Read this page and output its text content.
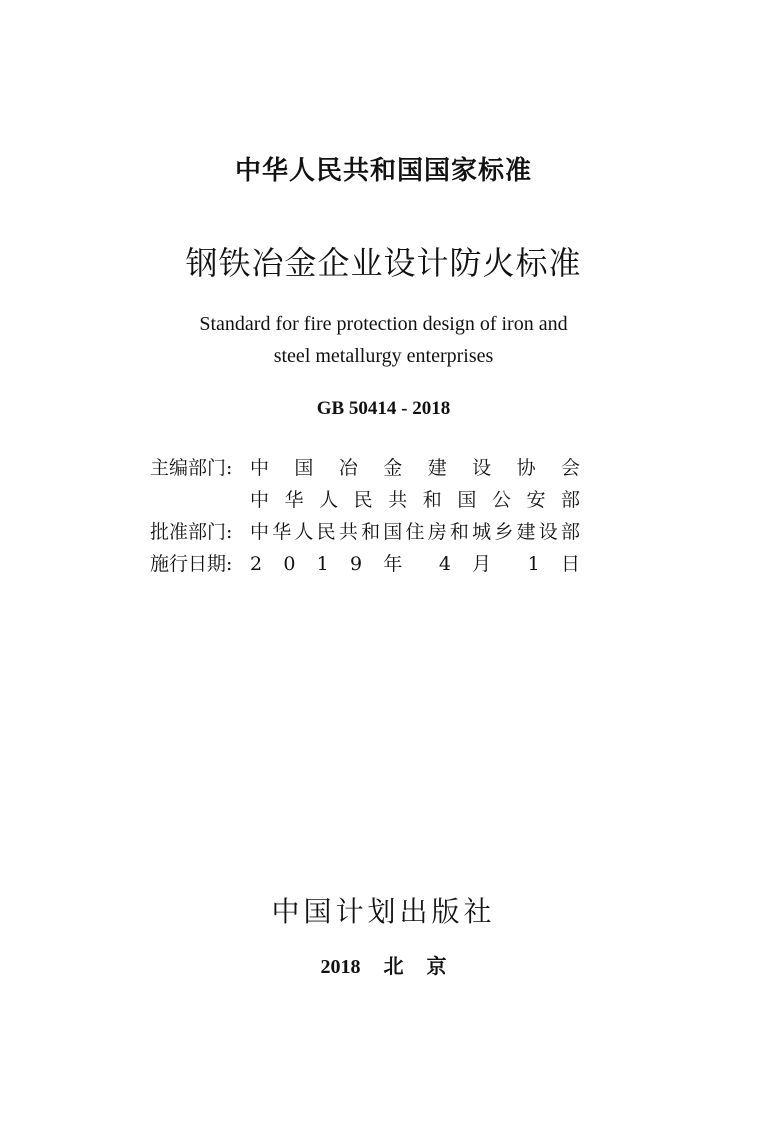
中华人民共和国国家标准
钢铁冶金企业设计防火标准
Standard for fire protection design of iron and
steel metallurgy enterprises
GB 50414 - 2018
主编部门: 中 国 冶 金 建 设 协 会
中 华 人 民 共 和 国 公 安 部
批准部门: 中华人民共和国住房和城乡建设部
施行日期: 2 0 1 9 年 4 月 1 日
中国计划出版社
2018 北 京
